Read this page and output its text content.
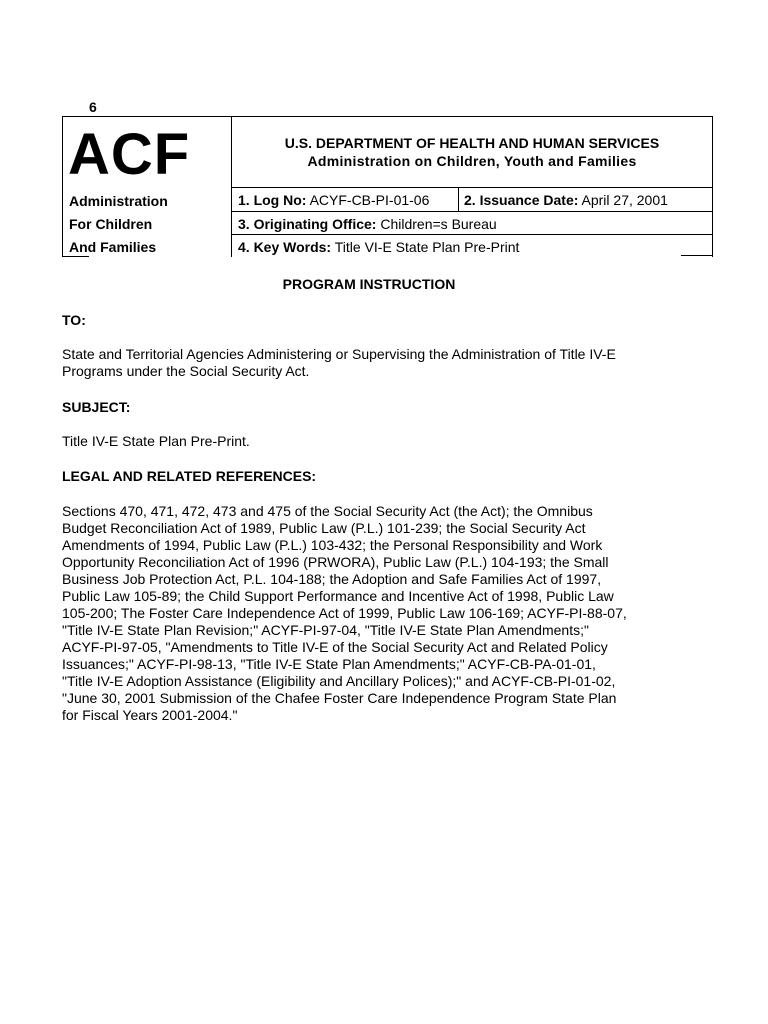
6
ACF
Administration
For Children
And Families
U.S. DEPARTMENT OF HEALTH AND HUMAN SERVICES
Administration on Children, Youth and Families
1. Log No: ACYF-CB-PI-01-06 2. Issuance Date: April 27, 2001
3. Originating Office: Children=s Bureau
4. Key Words: Title VI-E State Plan Pre-Print
PROGRAM INSTRUCTION
TO:
State and Territorial Agencies Administering or Supervising the Administration of Title IV-E
Programs under the Social Security Act.
SUBJECT:
Title IV-E State Plan Pre-Print.
LEGAL AND RELATED REFERENCES:
Sections 470, 471, 472, 473 and 475 of the Social Security Act (the Act); the Omnibus
Budget Reconciliation Act of 1989, Public Law (P.L.) 101-239; the Social Security Act
Amendments of 1994, Public Law (P.L.) 103-432; the Personal Responsibility and Work
Opportunity Reconciliation Act of 1996 (PRWORA), Public Law (P.L.) 104-193; the Small
Business Job Protection Act, P.L. 104-188; the Adoption and Safe Families Act of 1997,
Public Law 105-89; the Child Support Performance and Incentive Act of 1998, Public Law
105-200; The Foster Care Independence Act of 1999, Public Law 106-169; ACYF-PI-88-07,
"Title IV-E State Plan Revision;" ACYF-PI-97-04, "Title IV-E State Plan Amendments;"
ACYF-PI-97-05, "Amendments to Title IV-E of the Social Security Act and Related Policy
Issuances;" ACYF-PI-98-13, "Title IV-E State Plan Amendments;" ACYF-CB-PA-01-01,
"Title IV-E Adoption Assistance (Eligibility and Ancillary Polices);" and ACYF-CB-PI-01-02,
"June 30, 2001 Submission of the Chafee Foster Care Independence Program State Plan
for Fiscal Years 2001-2004."
